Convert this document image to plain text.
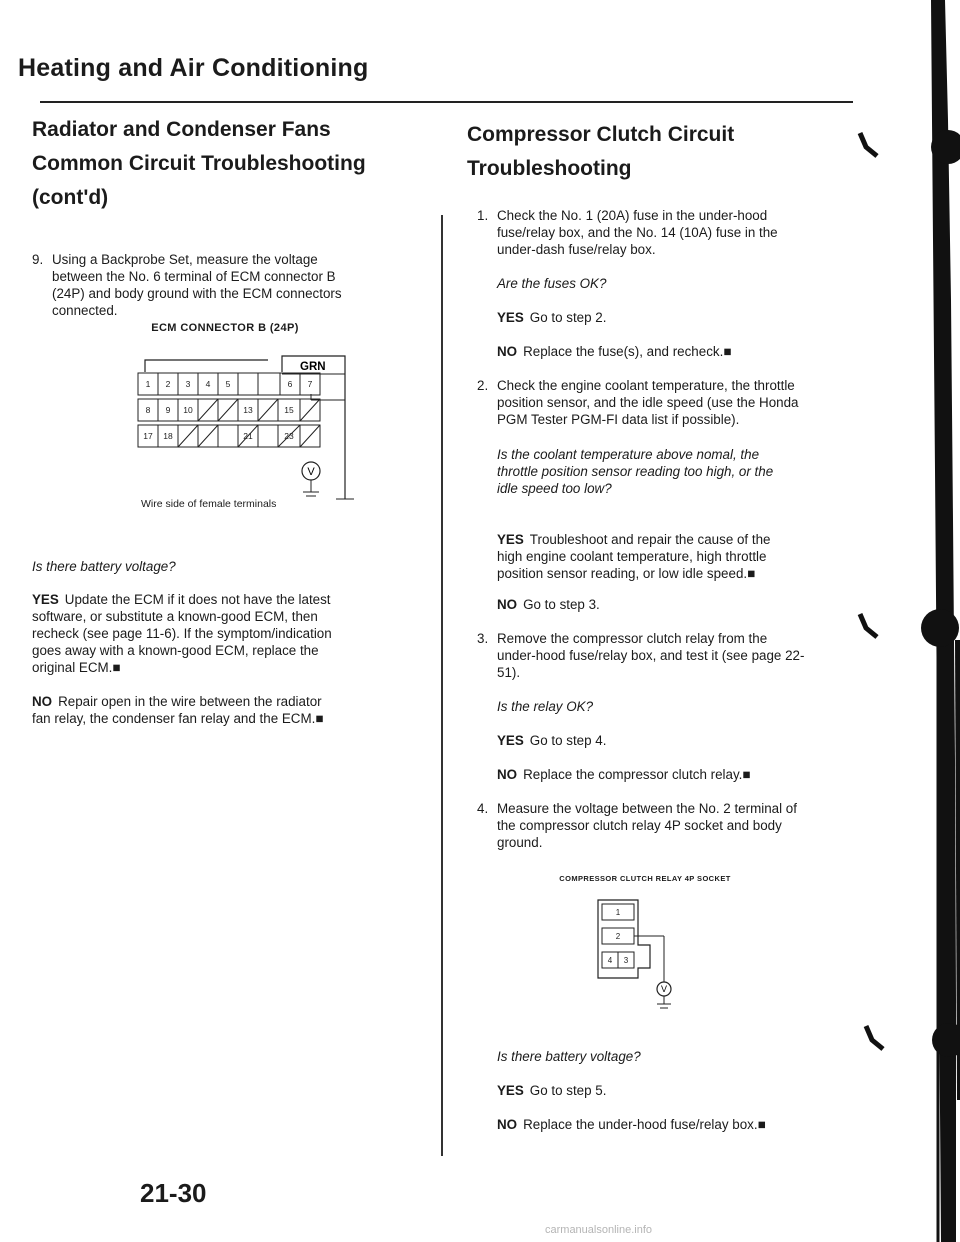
Heating and Air Conditioning
Radiator and Condenser Fans
Common Circuit Troubleshooting
(cont'd)
9. Using a Backprobe Set, measure the voltage

between the No. 6 terminal of ECM connector B

(24P) and body ground with the ECM connectors

connected.

ECM CONNECTOR B (24P)
GRN
1 2 3 4 5	6 7
8 9 10	13	15
17 18	21	23
V
Wire side of female terminals
Is there battery voltage?
YES Update the ECM if it does not have the latest
software, or substitute a known-good ECM, then
recheck (see page 11-6). If the symptom/indication
goes away with a known-good ECM, replace the
original ECM.■
NO Repair open in the wire between the radiator
fan relay, the condenser fan relay and the ECM.■
Compressor Clutch Circuit
Troubleshooting
1. Check the No. 1 (20A) fuse in the under-hood

fuse/relay box, and the No. 14 (10A) fuse in the

under-dash fuse/relay box.

Are the fuses OK?
YES Go to step 2.
NO Replace the fuse(s), and recheck.■
2. Check the engine coolant temperature, the throttle

position sensor, and the idle speed (use the Honda

PGM Tester PGM-FI data list if possible).

Is the coolant temperature above nomal, the
throttle position sensor reading too high, or the
idle speed too low?
YES Troubleshoot and repair the cause of the
high engine coolant temperature, high throttle
position sensor reading, or low idle speed.■
NO Go to step 3.
3. Remove the compressor clutch relay from the

under-hood fuse/relay box, and test it (see page 22-

51).

Is the relay OK?
YES Go to step 4.
NO Replace the compressor clutch relay.■
4. Measure the voltage between the No. 2 terminal of

the compressor clutch relay 4P socket and body

ground.

COMPRESSOR CLUTCH RELAY 4P SOCKET
1
2
4 3
V
Is there battery voltage?
YES Go to step 5.
NO Replace the under-hood fuse/relay box.■
21-30
carmanualsonline.info
